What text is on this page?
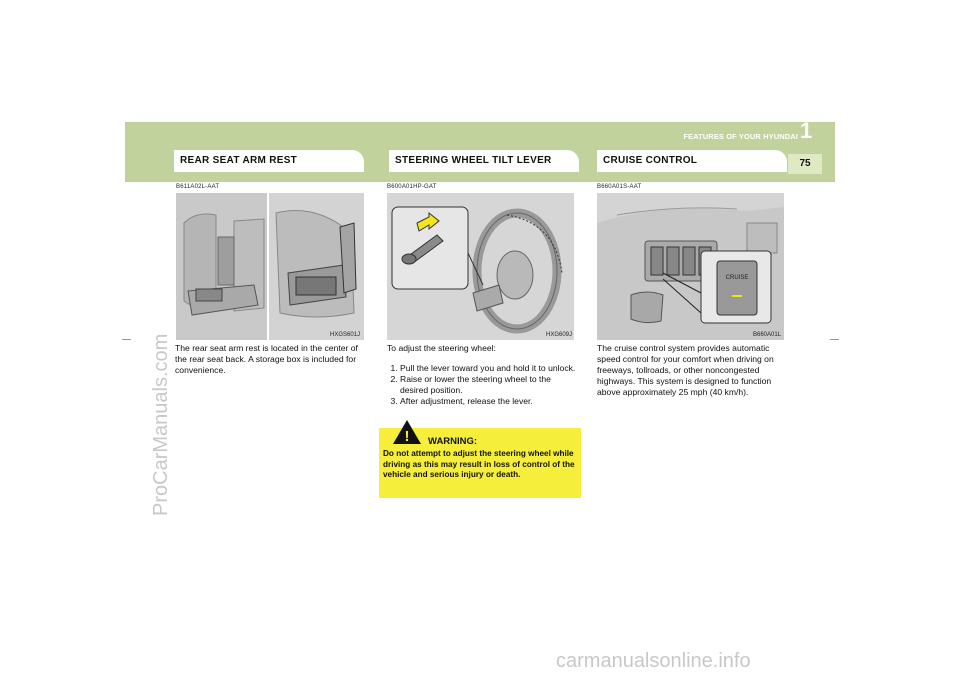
FEATURES OF YOUR HYUNDAI 1
75
REAR SEAT ARM REST	STEERING WHEEL TILT LEVER	CRUISE CONTROL
B611A02L-AAT
HXGS601J
The rear seat arm rest is located in the center of the rear seat back. A storage box is included for convenience.
B600A01HP-GAT
HXG609J
To adjust the steering wheel:
1. Pull the lever toward you and hold it to unlock.
2. Raise or lower the steering wheel to the desired position.
3. After adjustment, release the lever.
! WARNING:
Do not attempt to adjust the steering wheel while driving as this may result in loss of control of the vehicle and serious injury or death.
B660A01S-AAT
CRUISE
B660A01L
The cruise control system provides automatic speed control for your comfort when driving on freeways, tollroads, or other noncongested highways. This system is designed to function above approximately 25 mph (40 km/h).
ProCarManuals.com
carmanualsonline.info
